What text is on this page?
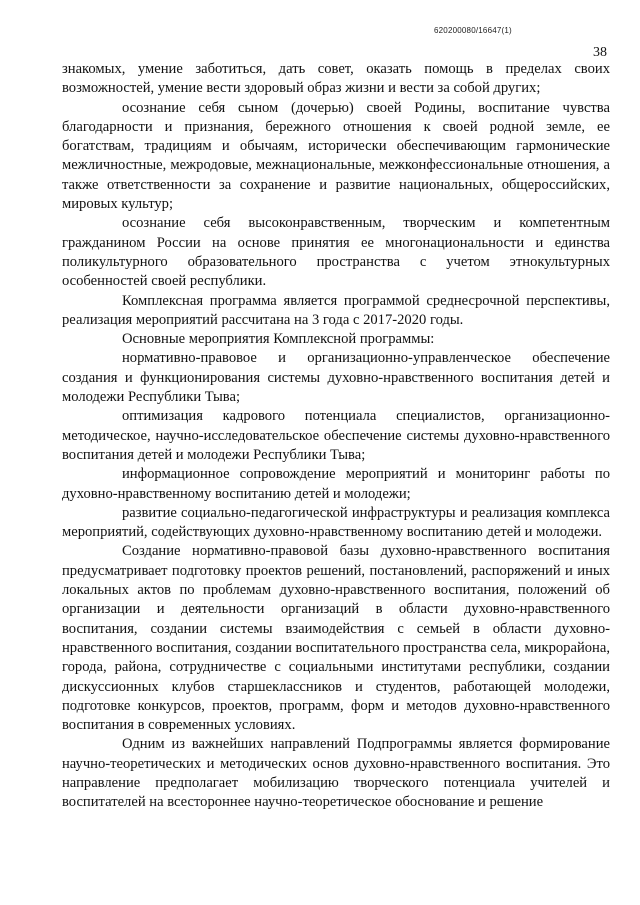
620200080/16647(1)
38

знакомых, умение заботиться, дать совет, оказать помощь в пределах своих возможностей, умение вести здоровый образ жизни и вести за собой других;

осознание себя сыном (дочерью) своей Родины, воспитание чувства благодарности и признания, бережного отношения к своей родной земле, ее богатствам, традициям и обычаям, исторически обеспечивающим гармонические межличностные, межродовые, межнациональные, межконфессиональные отношения, а также ответственности за сохранение и развитие национальных, общероссийских, мировых культур;

осознание себя высоконравственным, творческим и компетентным гражданином России на основе принятия ее многонациональности и единства поликультурного образовательного пространства с учетом этнокультурных особенностей своей республики.

Комплексная программа является программой среднесрочной перспективы, реализация мероприятий рассчитана на 3 года с 2017-2020 годы.

Основные мероприятия Комплексной программы:

нормативно-правовое и организационно-управленческое обеспечение создания и функционирования системы духовно-нравственного воспитания детей и молодежи Республики Тыва;

оптимизация кадрового потенциала специалистов, организационно-методическое, научно-исследовательское обеспечение системы духовно-нравственного воспитания детей и молодежи Республики Тыва;

информационное сопровождение мероприятий и мониторинг работы по духовно-нравственному воспитанию детей и молодежи;

развитие социально-педагогической инфраструктуры и реализация комплекса мероприятий, содействующих духовно-нравственному воспитанию детей и молодежи.

Создание нормативно-правовой базы духовно-нравственного воспитания предусматривает подготовку проектов решений, постановлений, распоряжений и иных локальных актов по проблемам духовно-нравственного воспитания, положений об организации и деятельности организаций в области духовно-нравственного воспитания, создании системы взаимодействия с семьей в области духовно-нравственного воспитания, создании воспитательного пространства села, микрорайона, города, района, сотрудничестве с социальными институтами республики, создании дискуссионных клубов старшеклассников и студентов, работающей молодежи, подготовке конкурсов, проектов, программ, форм и методов духовно-нравственного воспитания в современных условиях.

Одним из важнейших направлений Подпрограммы является формирование научно-теоретических и методических основ духовно-нравственного воспитания. Это направление предполагает мобилизацию творческого потенциала учителей и воспитателей на всестороннее научно-теоретическое обоснование и решение
